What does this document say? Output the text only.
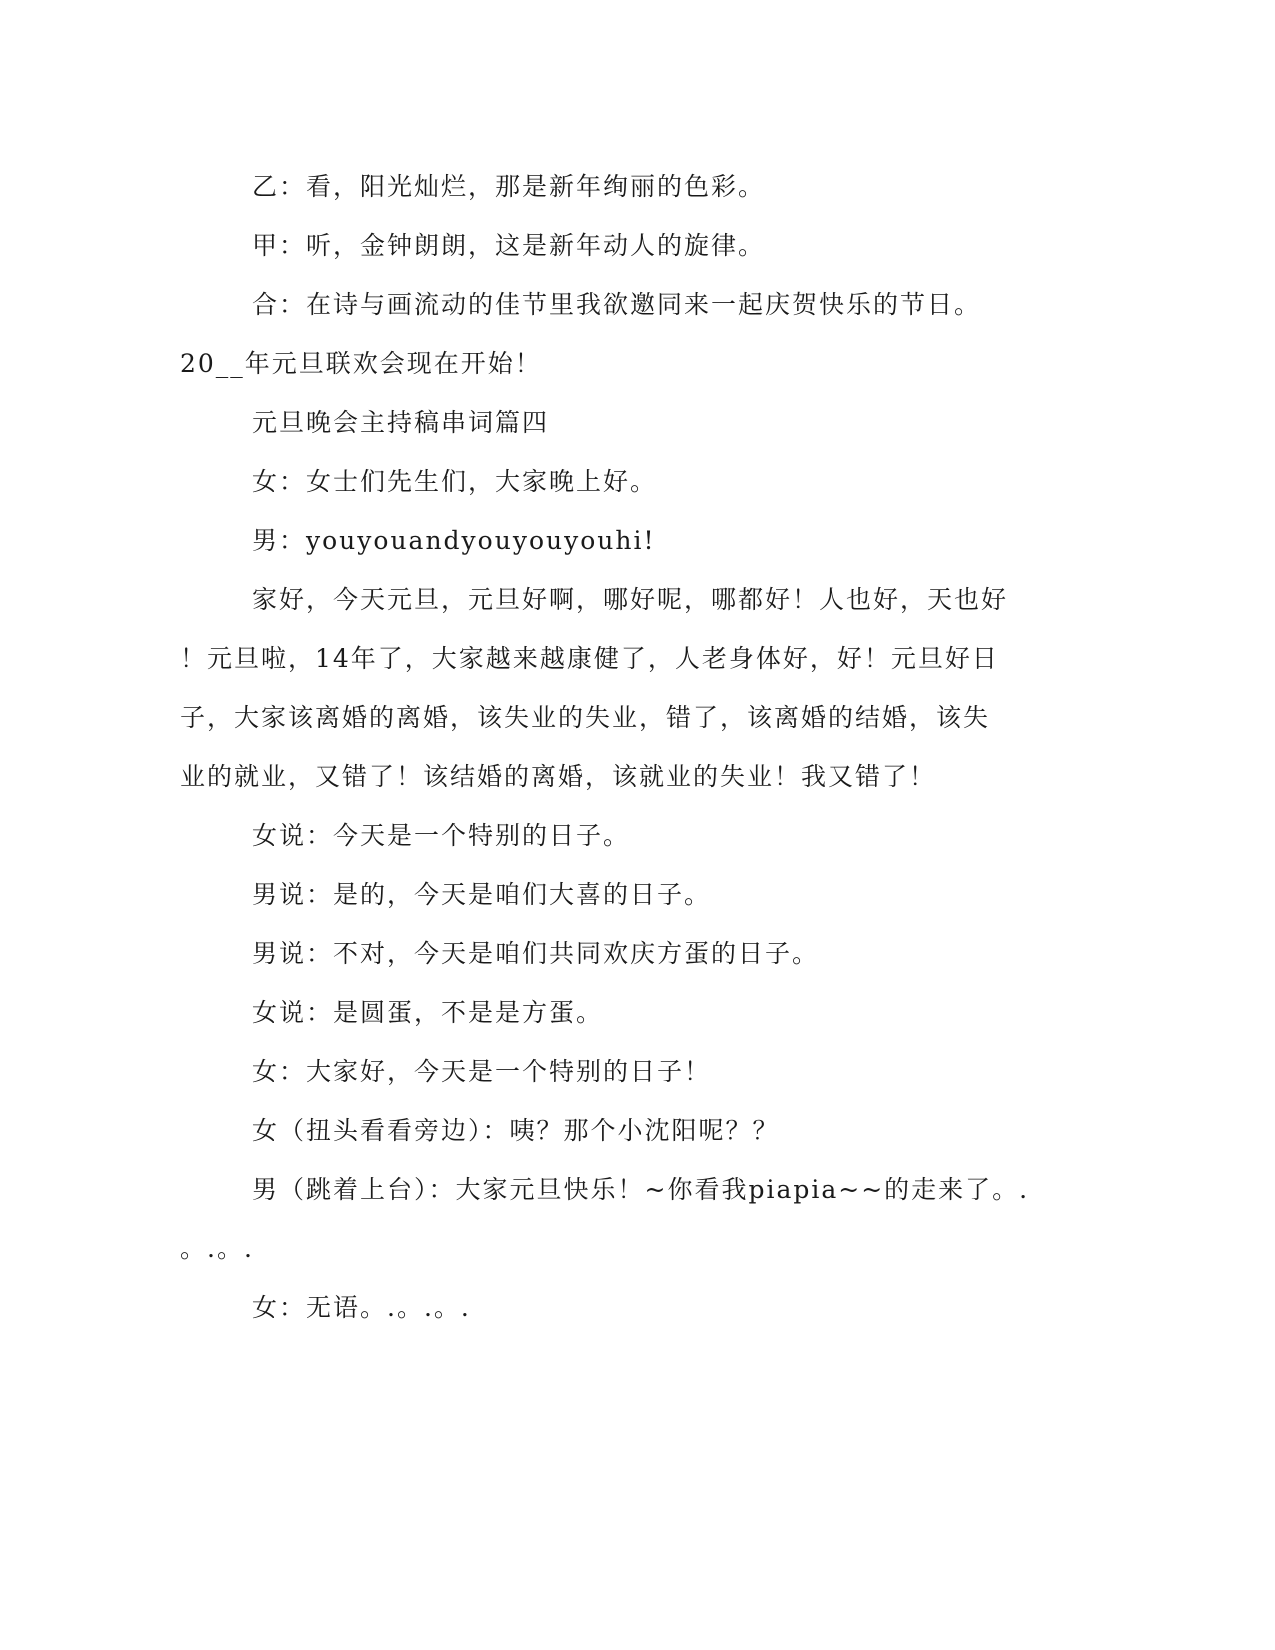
乙：看，阳光灿烂，那是新年绚丽的色彩。
甲：听，金钟朗朗，这是新年动人的旋律。
合：在诗与画流动的佳节里我欲邀同来一起庆贺快乐的节日。
20__年元旦联欢会现在开始！
元旦晚会主持稿串词篇四
女：女士们先生们，大家晚上好。
男：youyouandyouyouyouhi!
家好，今天元旦，元旦好啊，哪好呢，哪都好！人也好，天也好
！元旦啦，14年了，大家越来越康健了，人老身体好，好！元旦好日
子，大家该离婚的离婚，该失业的失业，错了，该离婚的结婚，该失
业的就业，又错了！该结婚的离婚，该就业的失业！我又错了！
女说：今天是一个特别的日子。
男说：是的，今天是咱们大喜的日子。
男说：不对，今天是咱们共同欢庆方蛋的日子。
女说：是圆蛋，不是是方蛋。
女：大家好，今天是一个特别的日子！
女（扭头看看旁边）：咦？那个小沈阳呢？？
男（跳着上台）：大家元旦快乐！~你看我piapia~~的走来了。.
。.。.
女：无语。.。.。.
